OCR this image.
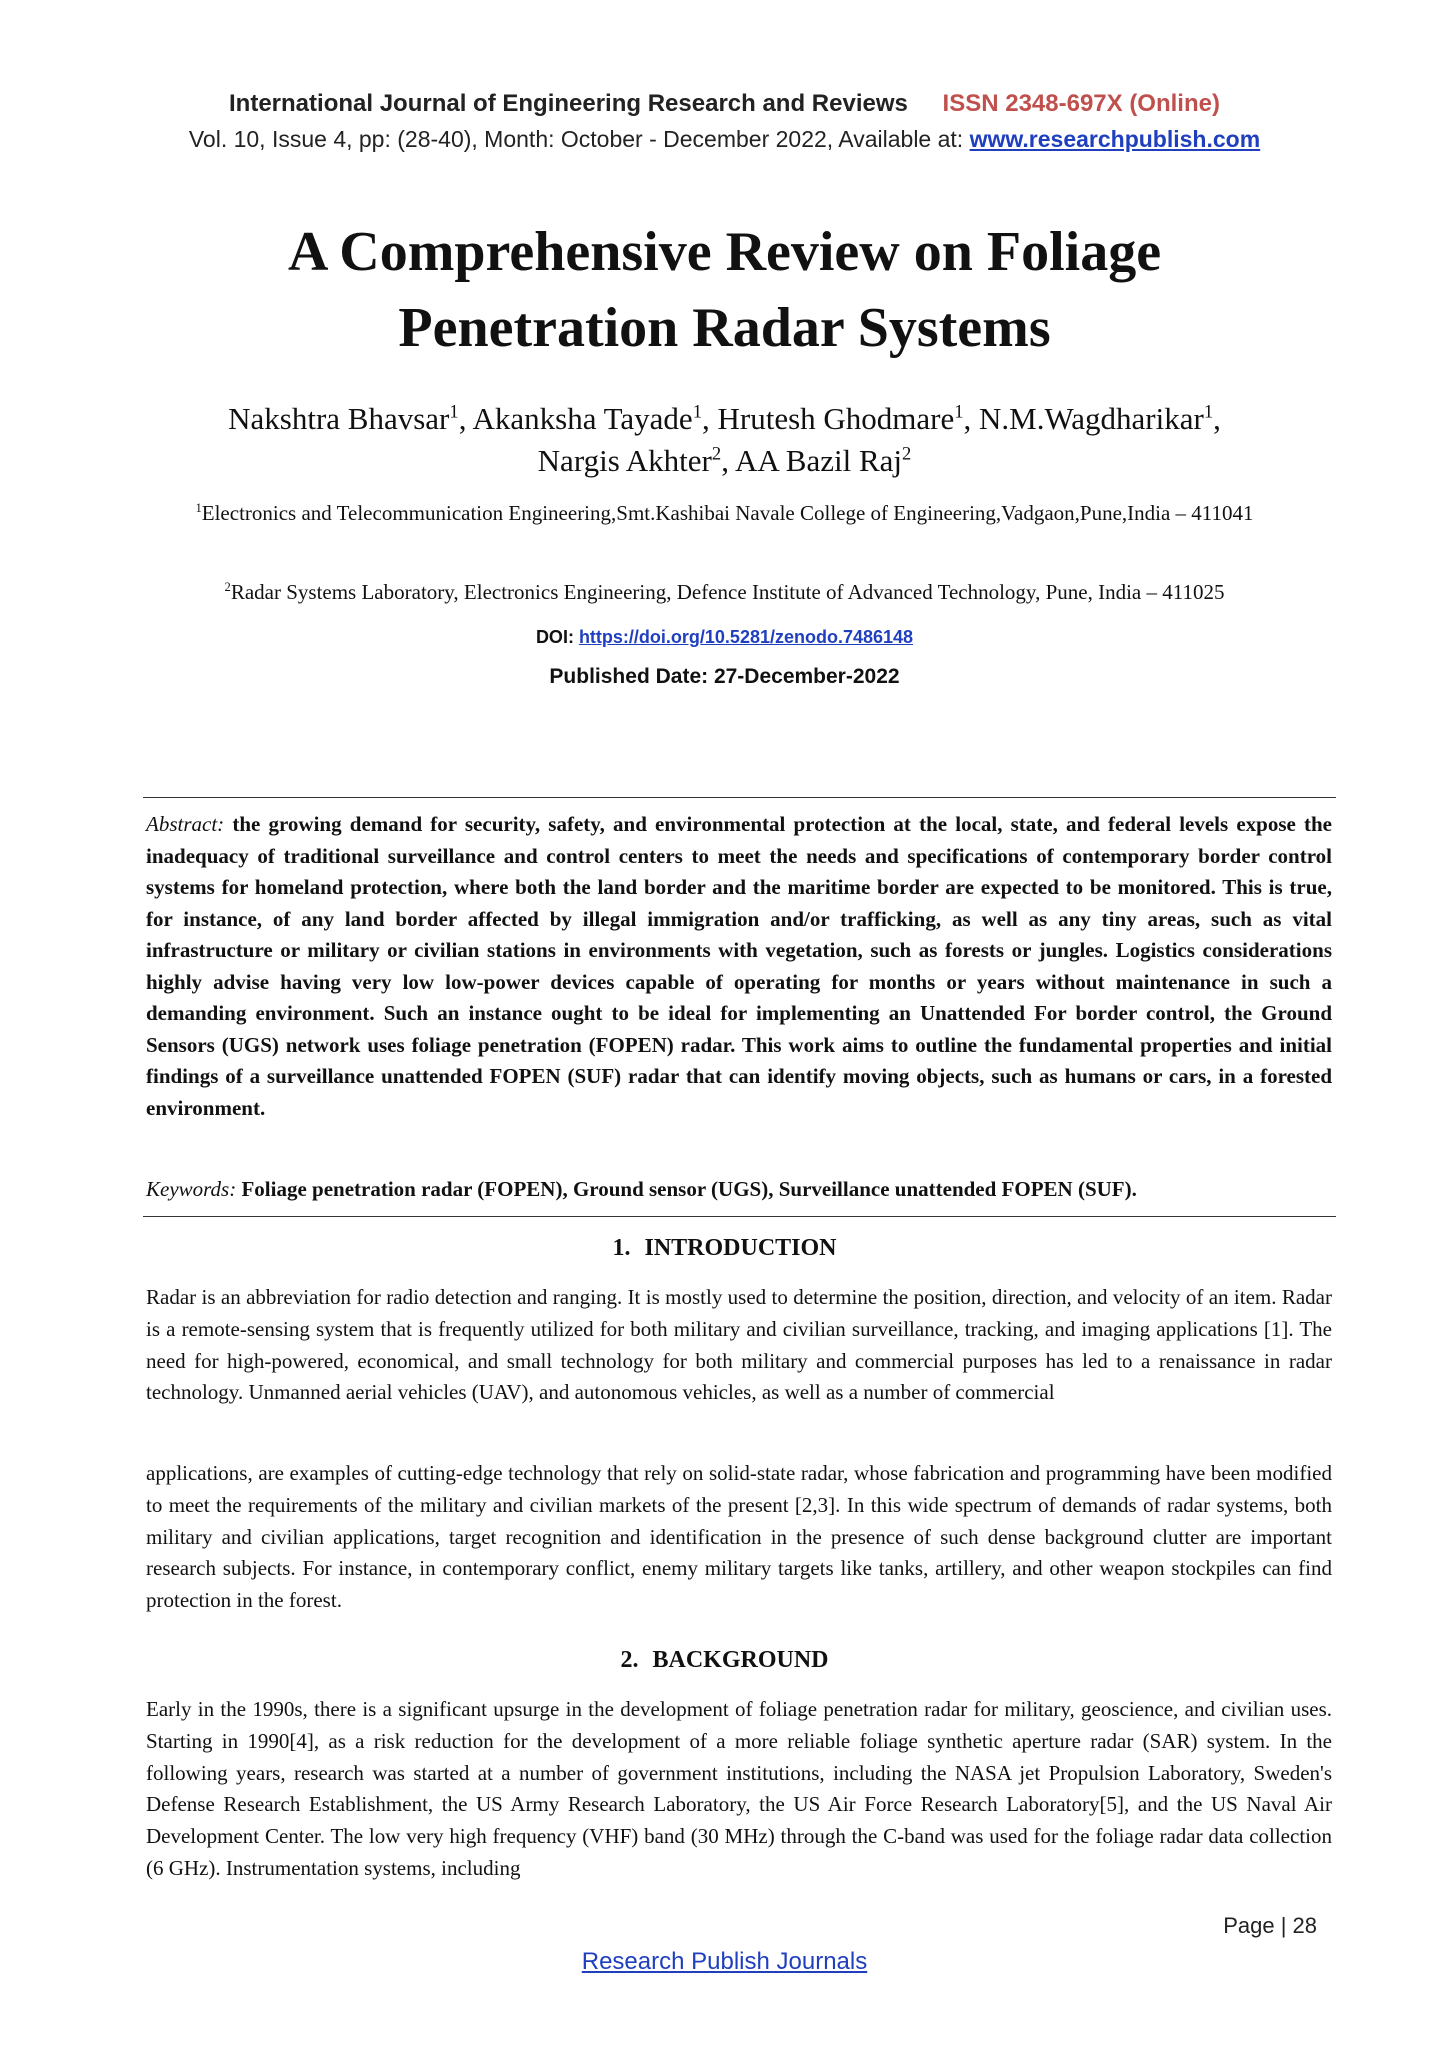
International Journal of Engineering Research and Reviews ISSN 2348-697X (Online)
Vol. 10, Issue 4, pp: (28-40), Month: October - December 2022, Available at: www.researchpublish.com
A Comprehensive Review on Foliage
Penetration Radar Systems
Nakshtra Bhavsar$^1$, Akanksha Tayade$^1$, Hrutesh Ghodmare$^1$, N.M.Wagdharikar$^1$,
Nargis Akhter$^2$, AA Bazil Raj$^2$
$^1$Electronics and Telecommunication Engineering,Smt.Kashibai Navale College of Engineering,Vadgaon,Pune,India – 411041
$^2$Radar Systems Laboratory, Electronics Engineering, Defence Institute of Advanced Technology, Pune, India – 411025
DOI: https://doi.org/10.5281/zenodo.7486148
Published Date: 27-December-2022
Abstract: the growing demand for security, safety, and environmental protection at the local, state, and federal levels expose the inadequacy of traditional surveillance and control centers to meet the needs and specifications of contemporary border control systems for homeland protection, where both the land border and the maritime border are expected to be monitored. This is true, for instance, of any land border affected by illegal immigration and/or trafficking, as well as any tiny areas, such as vital infrastructure or military or civilian stations in environments with vegetation, such as forests or jungles. Logistics considerations highly advise having very low low-power devices capable of operating for months or years without maintenance in such a demanding environment. Such an instance ought to be ideal for implementing an Unattended For border control, the Ground Sensors (UGS) network uses foliage penetration (FOPEN) radar. This work aims to outline the fundamental properties and initial findings of a surveillance unattended FOPEN (SUF) radar that can identify moving objects, such as humans or cars, in a forested environment.
Keywords: Foliage penetration radar (FOPEN), Ground sensor (UGS), Surveillance unattended FOPEN (SUF).
1. INTRODUCTION
Radar is an abbreviation for radio detection and ranging. It is mostly used to determine the position, direction, and velocity of an item. Radar is a remote-sensing system that is frequently utilized for both military and civilian surveillance, tracking, and imaging applications [1]. The need for high-powered, economical, and small technology for both military and commercial purposes has led to a renaissance in radar technology. Unmanned aerial vehicles (UAV), and autonomous vehicles, as well as a number of commercial
applications, are examples of cutting-edge technology that rely on solid-state radar, whose fabrication and programming have been modified to meet the requirements of the military and civilian markets of the present [2,3]. In this wide spectrum of demands of radar systems, both military and civilian applications, target recognition and identification in the presence of such dense background clutter are important research subjects. For instance, in contemporary conflict, enemy military targets like tanks, artillery, and other weapon stockpiles can find protection in the forest.
2. BACKGROUND
Early in the 1990s, there is a significant upsurge in the development of foliage penetration radar for military, geoscience, and civilian uses. Starting in 1990[4], as a risk reduction for the development of a more reliable foliage synthetic aperture radar (SAR) system. In the following years, research was started at a number of government institutions, including the NASA jet Propulsion Laboratory, Sweden's Defense Research Establishment, the US Army Research Laboratory, the US Air Force Research Laboratory[5], and the US Naval Air Development Center. The low very high frequency (VHF) band (30 MHz) through the C-band was used for the foliage radar data collection (6 GHz). Instrumentation systems, including
Page | 28
Research Publish Journals
